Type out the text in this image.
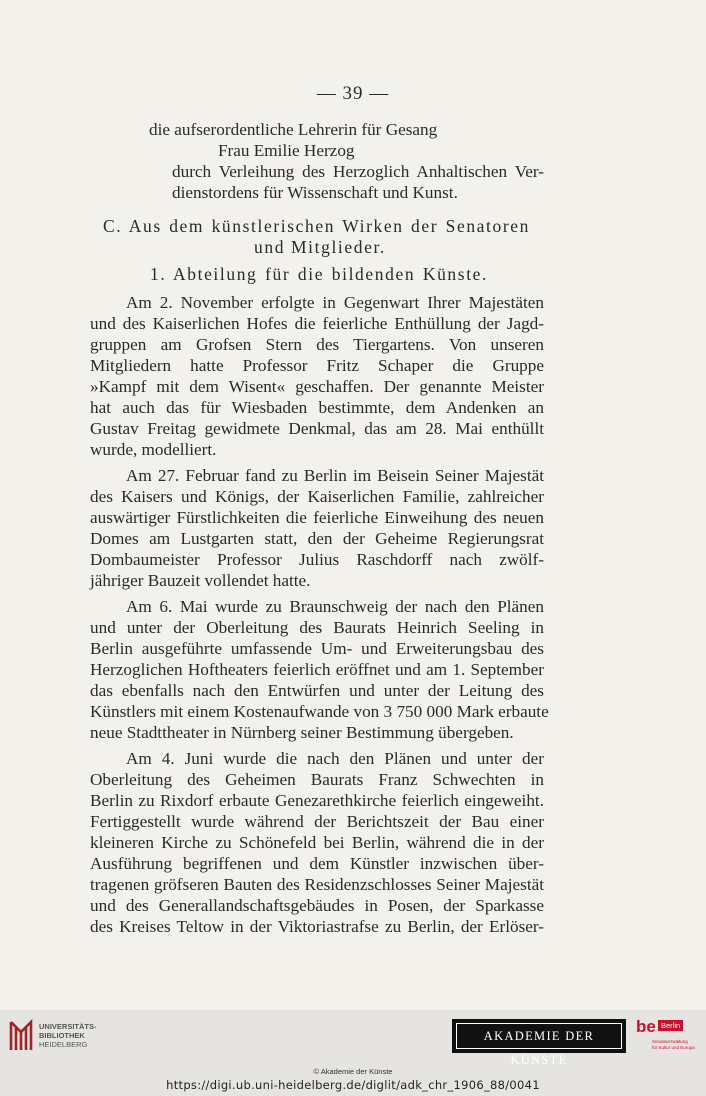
— 39 —
die aufserordentliche Lehrerin für Gesang
Frau Emilie Herzog
durch Verleihung des Herzoglich Anhaltischen Ver-
dienstordens für Wissenschaft und Kunst.
C. Aus dem künstlerischen Wirken der Senatoren
und Mitglieder.
1. Abteilung für die bildenden Künste.
Am 2. November erfolgte in Gegenwart Ihrer Majestäten
und des Kaiserlichen Hofes die feierliche Enthüllung der Jagd-
gruppen am Grofsen Stern des Tiergartens. Von unseren
Mitgliedern hatte Professor Fritz Schaper die Gruppe
»Kampf mit dem Wisent« geschaffen. Der genannte Meister
hat auch das für Wiesbaden bestimmte, dem Andenken an
Gustav Freitag gewidmete Denkmal, das am 28. Mai enthüllt
wurde, modelliert.
Am 27. Februar fand zu Berlin im Beisein Seiner Majestät
des Kaisers und Königs, der Kaiserlichen Familie, zahlreicher
auswärtiger Fürstlichkeiten die feierliche Einweihung des neuen
Domes am Lustgarten statt, den der Geheime Regierungsrat
Dombaumeister Professor Julius Raschdorff nach zwölf-
jähriger Bauzeit vollendet hatte.
Am 6. Mai wurde zu Braunschweig der nach den Plänen
und unter der Oberleitung des Baurats Heinrich Seeling in
Berlin ausgeführte umfassende Um- und Erweiterungsbau des
Herzoglichen Hoftheaters feierlich eröffnet und am 1. September
das ebenfalls nach den Entwürfen und unter der Leitung des
Künstlers mit einem Kostenaufwande von 3 750 000 Mark erbaute
neue Stadttheater in Nürnberg seiner Bestimmung übergeben.
Am 4. Juni wurde die nach den Plänen und unter der
Oberleitung des Geheimen Baurats Franz Schwechten in
Berlin zu Rixdorf erbaute Genezarethkirche feierlich eingeweiht.
Fertiggestellt wurde während der Berichtszeit der Bau einer
kleineren Kirche zu Schönefeld bei Berlin, während die in der
Ausführung begriffenen und dem Künstler inzwischen über-
tragenen gröfseren Bauten des Residenzschlosses Seiner Majestät
und des Generallandschaftsgebäudes in Posen, der Sparkasse
des Kreises Teltow in der Viktoriastrafse zu Berlin, der Erlöser-
UNIVERSITÄTS-
BIBLIOTHEK
HEIDELBERG
AKADEMIE DER KÜNSTE
be Berlin
Senatsverwaltung
für Kultur und Europa
© Akademie der Künste
https://digi.ub.uni-heidelberg.de/diglit/adk_chr_1906_88/0041
